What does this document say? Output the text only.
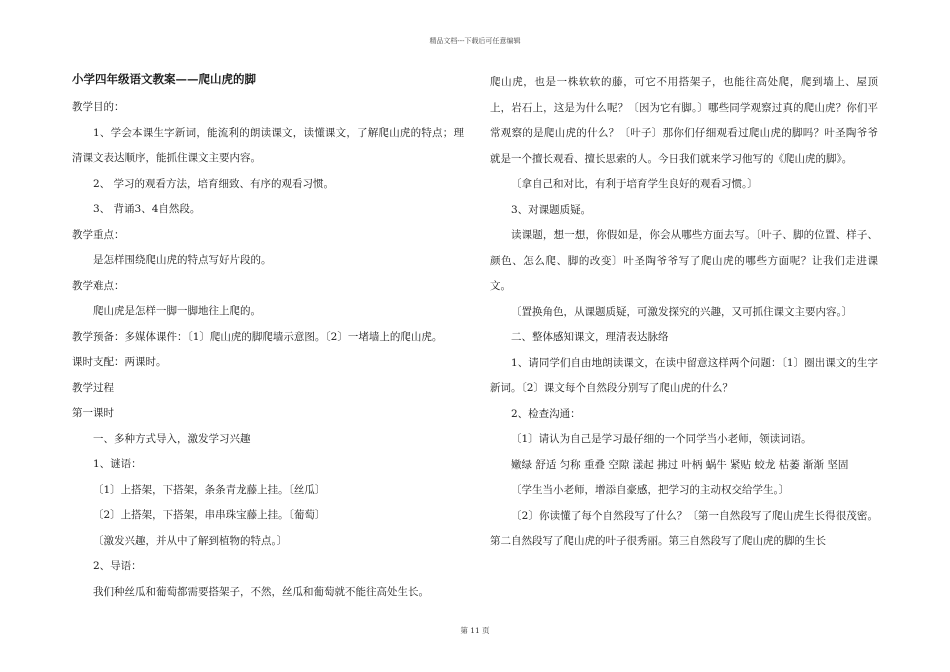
精品文档---下载后可任意编辑
小学四年级语文教案——爬山虎的脚

教学目的：

1、学会本课生字新词，能流利的朗读课文，读懂课文，了解爬山虎的特点；理清课文表达顺序，能抓住课文主要内容。

2、 学习的观看方法，培育细致、有序的观看习惯。

3、 背诵3、4自然段。

教学重点：

是怎样围绕爬山虎的特点写好片段的。

教学难点：

爬山虎是怎样一脚一脚地往上爬的。

教学预备：多媒体课件：〔1〕爬山虎的脚爬墙示意图。〔2〕一堵墙上的爬山虎。

课时支配：两课时。

教学过程

第一课时

一、多种方式导入，激发学习兴趣

1、谜语：

〔1〕上搭架，下搭架，条条青龙藤上挂。〔丝瓜〕

〔2〕上搭架，下搭架，串串珠宝藤上挂。〔葡萄〕

〔激发兴趣，并从中了解到植物的特点。〕

2、导语：

我们种丝瓜和葡萄都需要搭架子，不然，丝瓜和葡萄就不能往高处生长。

爬山虎，也是一株软软的藤，可它不用搭架子，也能往高处爬，爬到墙上、屋顶上，岩石上，这是为什么呢？〔因为它有脚。〕哪些同学观察过真的爬山虎？你们平常观察的是爬山虎的什么？〔叶子〕那你们仔细观看过爬山虎的脚吗？叶圣陶爷爷就是一个擅长观看、擅长思索的人。今日我们就来学习他写的《爬山虎的脚》。

〔拿自己和对比，有利于培育学生良好的观看习惯。〕

3、对课题质疑。

读课题，想一想，你假如是，你会从哪些方面去写。〔叶子、脚的位置、样子、颜色、怎么爬、脚的改变〕叶圣陶爷爷写了爬山虎的哪些方面呢？让我们走进课文。

〔置换角色，从课题质疑，可激发探究的兴趣，又可抓住课文主要内容。〕

二、整体感知课文，理清表达脉络

1、请同学们自由地朗读课文，在读中留意这样两个问题：〔1〕圈出课文的生字新词。〔2〕课文每个自然段分别写了爬山虎的什么？

2、检查沟通：

〔1〕请认为自己是学习最仔细的一个同学当小老师，领读词语。

嫩绿 舒适 匀称 重叠 空隙 漾起 拂过 叶柄 蜗牛 紧贴 蛟龙 枯萎 渐渐 坚固

〔学生当小老师，增添自豪感，把学习的主动权交给学生。〕

〔2〕你读懂了每个自然段写了什么？〔第一自然段写了爬山虎生长得很茂密。第二自然段写了爬山虎的叶子很秀丽。第三自然段写了爬山虎的脚的生长

第 11 页
